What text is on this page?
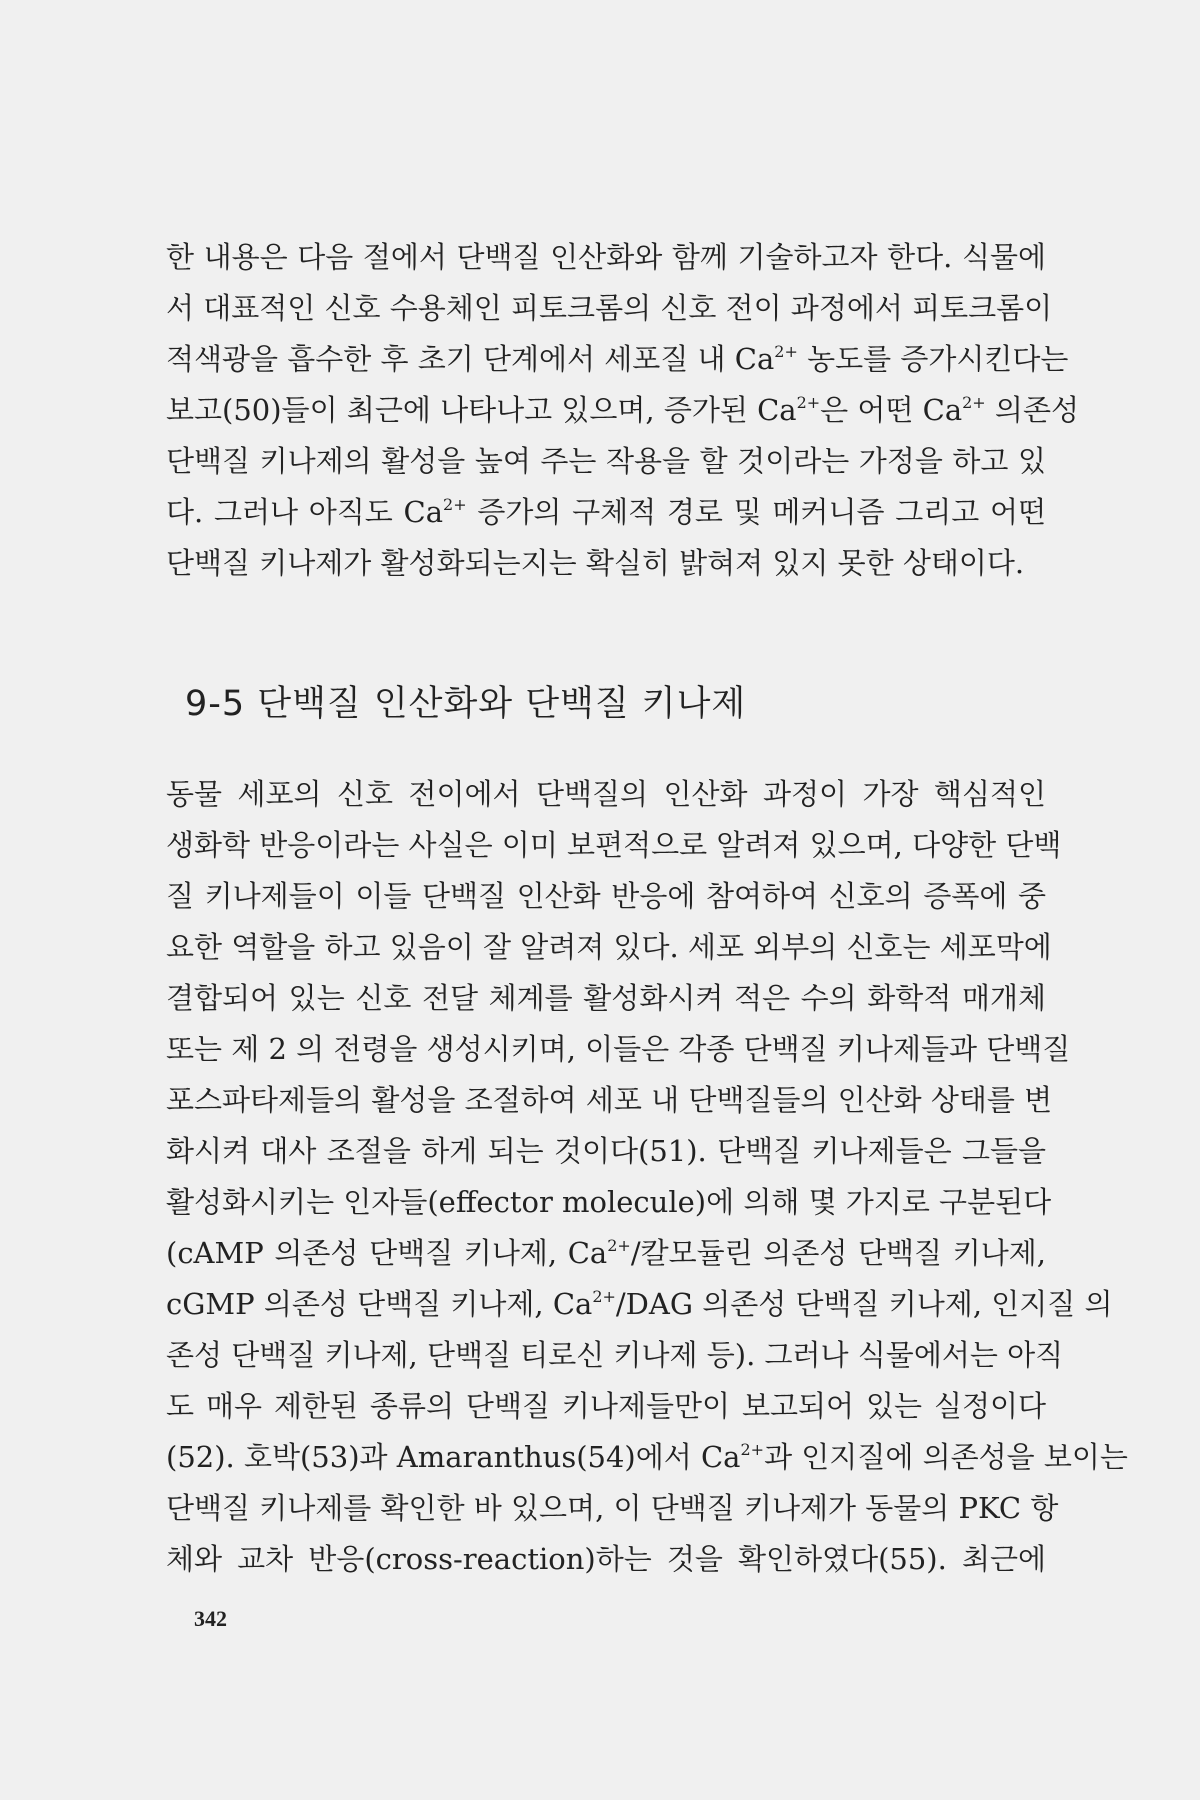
한 내용은 다음 절에서 단백질 인산화와 함께 기술하고자 한다. 식물에
서 대표적인 신호 수용체인 피토크롬의 신호 전이 과정에서 피토크롬이
적색광을 흡수한 후 초기 단계에서 세포질 내 $Ca^{2+}$ 농도를 증가시킨다는
보고(50)들이 최근에 나타나고 있으며, 증가된 $Ca^{2+}$은 어떤 $Ca^{2+}$ 의존성
단백질 키나제의 활성을 높여 주는 작용을 할 것이라는 가정을 하고 있
다. 그러나 아직도 $Ca^{2+}$ 증가의 구체적 경로 및 메커니즘 그리고 어떤
단백질 키나제가 활성화되는지는 확실히 밝혀져 있지 못한 상태이다.
9-5 단백질 인산화와 단백질 키나제
동물 세포의 신호 전이에서 단백질의 인산화 과정이 가장 핵심적인
생화학 반응이라는 사실은 이미 보편적으로 알려져 있으며, 다양한 단백
질 키나제들이 이들 단백질 인산화 반응에 참여하여 신호의 증폭에 중
요한 역할을 하고 있음이 잘 알려져 있다. 세포 외부의 신호는 세포막에
결합되어 있는 신호 전달 체계를 활성화시켜 적은 수의 화학적 매개체
또는 제 2 의 전령을 생성시키며, 이들은 각종 단백질 키나제들과 단백질
포스파타제들의 활성을 조절하여 세포 내 단백질들의 인산화 상태를 변
화시켜 대사 조절을 하게 되는 것이다(51). 단백질 키나제들은 그들을
활성화시키는 인자들(effector molecule)에 의해 몇 가지로 구분된다
(cAMP 의존성 단백질 키나제, $Ca^{2+}/$칼모듈린 의존성 단백질 키나제,
cGMP 의존성 단백질 키나제, $Ca^{2+}$/DAG 의존성 단백질 키나제, 인지질 의
존성 단백질 키나제, 단백질 티로신 키나제 등). 그러나 식물에서는 아직
도 매우 제한된 종류의 단백질 키나제들만이 보고되어 있는 실정이다
(52). 호박(53)과 Amaranthus(54)에서 $Ca^{2+}$과 인지질에 의존성을 보이는
단백질 키나제를 확인한 바 있으며, 이 단백질 키나제가 동물의 PKC 항
체와 교차 반응(cross-reaction)하는 것을 확인하였다(55). 최근에
342
